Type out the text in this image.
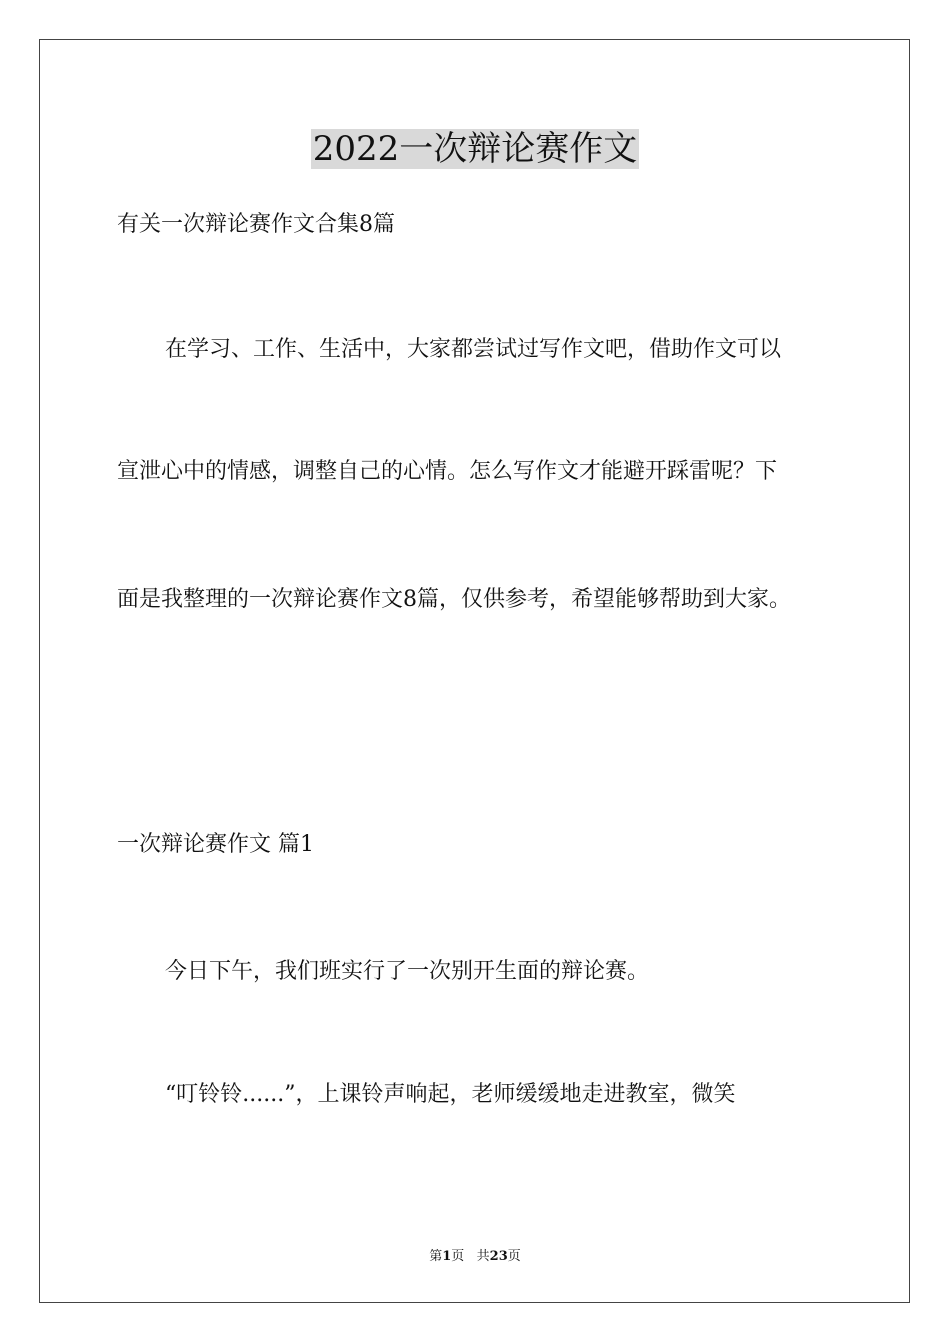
2022一次辩论赛作文

有关一次辩论赛作文合集8篇

在学习、工作、生活中，大家都尝试过写作文吧，借助作文可以

宣泄心中的情感，调整自己的心情。怎么写作文才能避开踩雷呢？下

面是我整理的一次辩论赛作文8篇，仅供参考，希望能够帮助到大家。

一次辩论赛作文 篇1

今日下午，我们班实行了一次别开生面的辩论赛。

“叮铃铃......”，上课铃声响起，老师缓缓地走进教室，微笑

第1页   共23页
